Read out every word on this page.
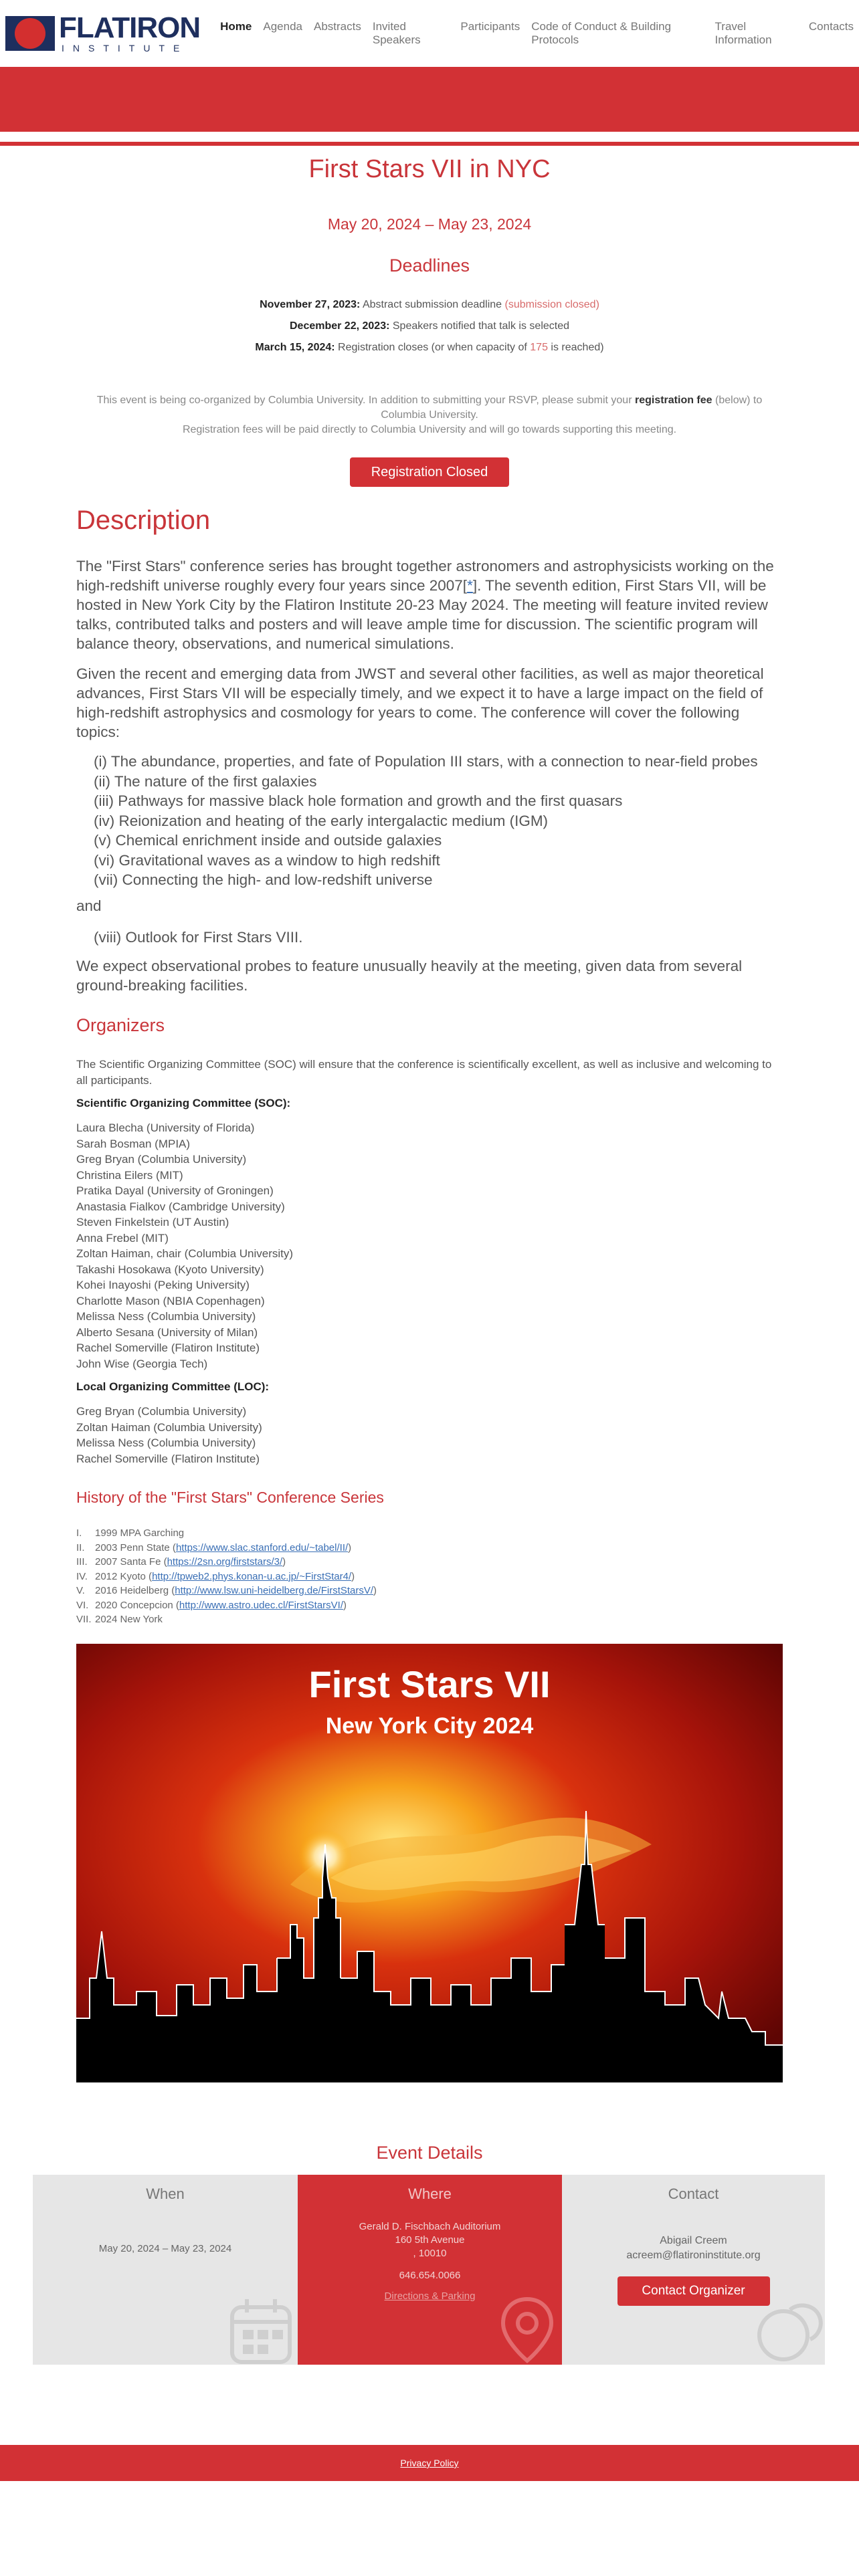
FLATIRON
INSTITUTE
Home Agenda Abstracts Invited Speakers
Participants Code of Conduct & Building Protocols
Travel Information
Contacts
First Stars VII in NYC
May 20, 2024 – May 23, 2024
Deadlines
November 27, 2023: Abstract submission deadline (submission closed)
December 22, 2023: Speakers notified that talk is selected
March 15, 2024: Registration closes (or when capacity of 175 is reached)
This event is being co-organized by Columbia University. In addition to submitting your RSVP, please submit your registration fee (below) to
Columbia University.
Registration fees will be paid directly to Columbia University and will go towards supporting this meeting.
Registration Closed
Description
The "First Stars" conference series has brought together astronomers and astrophysicists working on the high-redshift universe roughly every four years since 2007[*]. The seventh edition, First Stars VII, will be hosted in New York City by the Flatiron Institute 20-23 May 2024. The meeting will feature invited review talks, contributed talks and posters and will leave ample time for discussion. The scientific program will balance theory, observations, and numerical simulations.
Given the recent and emerging data from JWST and several other facilities, as well as major theoretical advances, First Stars VII will be especially timely, and we expect it to have a large impact on the field of high-redshift astrophysics and cosmology for years to come. The conference will cover the following topics:
(i) The abundance, properties, and fate of Population III stars, with a connection to near-field probes
(ii) The nature of the first galaxies
(iii) Pathways for massive black hole formation and growth and the first quasars
(iv) Reionization and heating of the early intergalactic medium (IGM)
(v) Chemical enrichment inside and outside galaxies
(vi) Gravitational waves as a window to high redshift
(vii) Connecting the high- and low-redshift universe
and
(viii) Outlook for First Stars VIII.
We expect observational probes to feature unusually heavily at the meeting, given data from several ground-breaking facilities.
Organizers
The Scientific Organizing Committee (SOC) will ensure that the conference is scientifically excellent, as well as inclusive and welcoming to all participants.
Scientific Organizing Committee (SOC):
Laura Blecha (University of Florida)
Sarah Bosman (MPIA)
Greg Bryan (Columbia University)
Christina Eilers (MIT)
Pratika Dayal (University of Groningen)
Anastasia Fialkov (Cambridge University)
Steven Finkelstein (UT Austin)
Anna Frebel (MIT)
Zoltan Haiman, chair (Columbia University)
Takashi Hosokawa (Kyoto University)
Kohei Inayoshi (Peking University)
Charlotte Mason (NBIA Copenhagen)
Melissa Ness (Columbia University)
Alberto Sesana (University of Milan)
Rachel Somerville (Flatiron Institute)
John Wise (Georgia Tech)
Local Organizing Committee (LOC):
Greg Bryan (Columbia University)
Zoltan Haiman (Columbia University)
Melissa Ness (Columbia University)
Rachel Somerville (Flatiron Institute)
History of the "First Stars" Conference Series
I. 1999 MPA Garching
II. 2003 Penn State (https://www.slac.stanford.edu/~tabel/II/)
III. 2007 Santa Fe (https://2sn.org/firststars/3/)
IV. 2012 Kyoto (http://tpweb2.phys.konan-u.ac.jp/~FirstStar4/)
V. 2016 Heidelberg (http://www.lsw.uni-heidelberg.de/FirstStarsV/)
VI. 2020 Concepcion (http://www.astro.udec.cl/FirstStarsVI/)
VII. 2024 New York
First Stars VII
New York City 2024
Event Details
When
May 20, 2024 – May 23, 2024
Where
Gerald D. Fischbach Auditorium
160 5th Avenue
, 10010
646.654.0066
Directions & Parking
Contact
Abigail Creem
acreem@flatironinstitute.org
Contact Organizer
Privacy Policy
